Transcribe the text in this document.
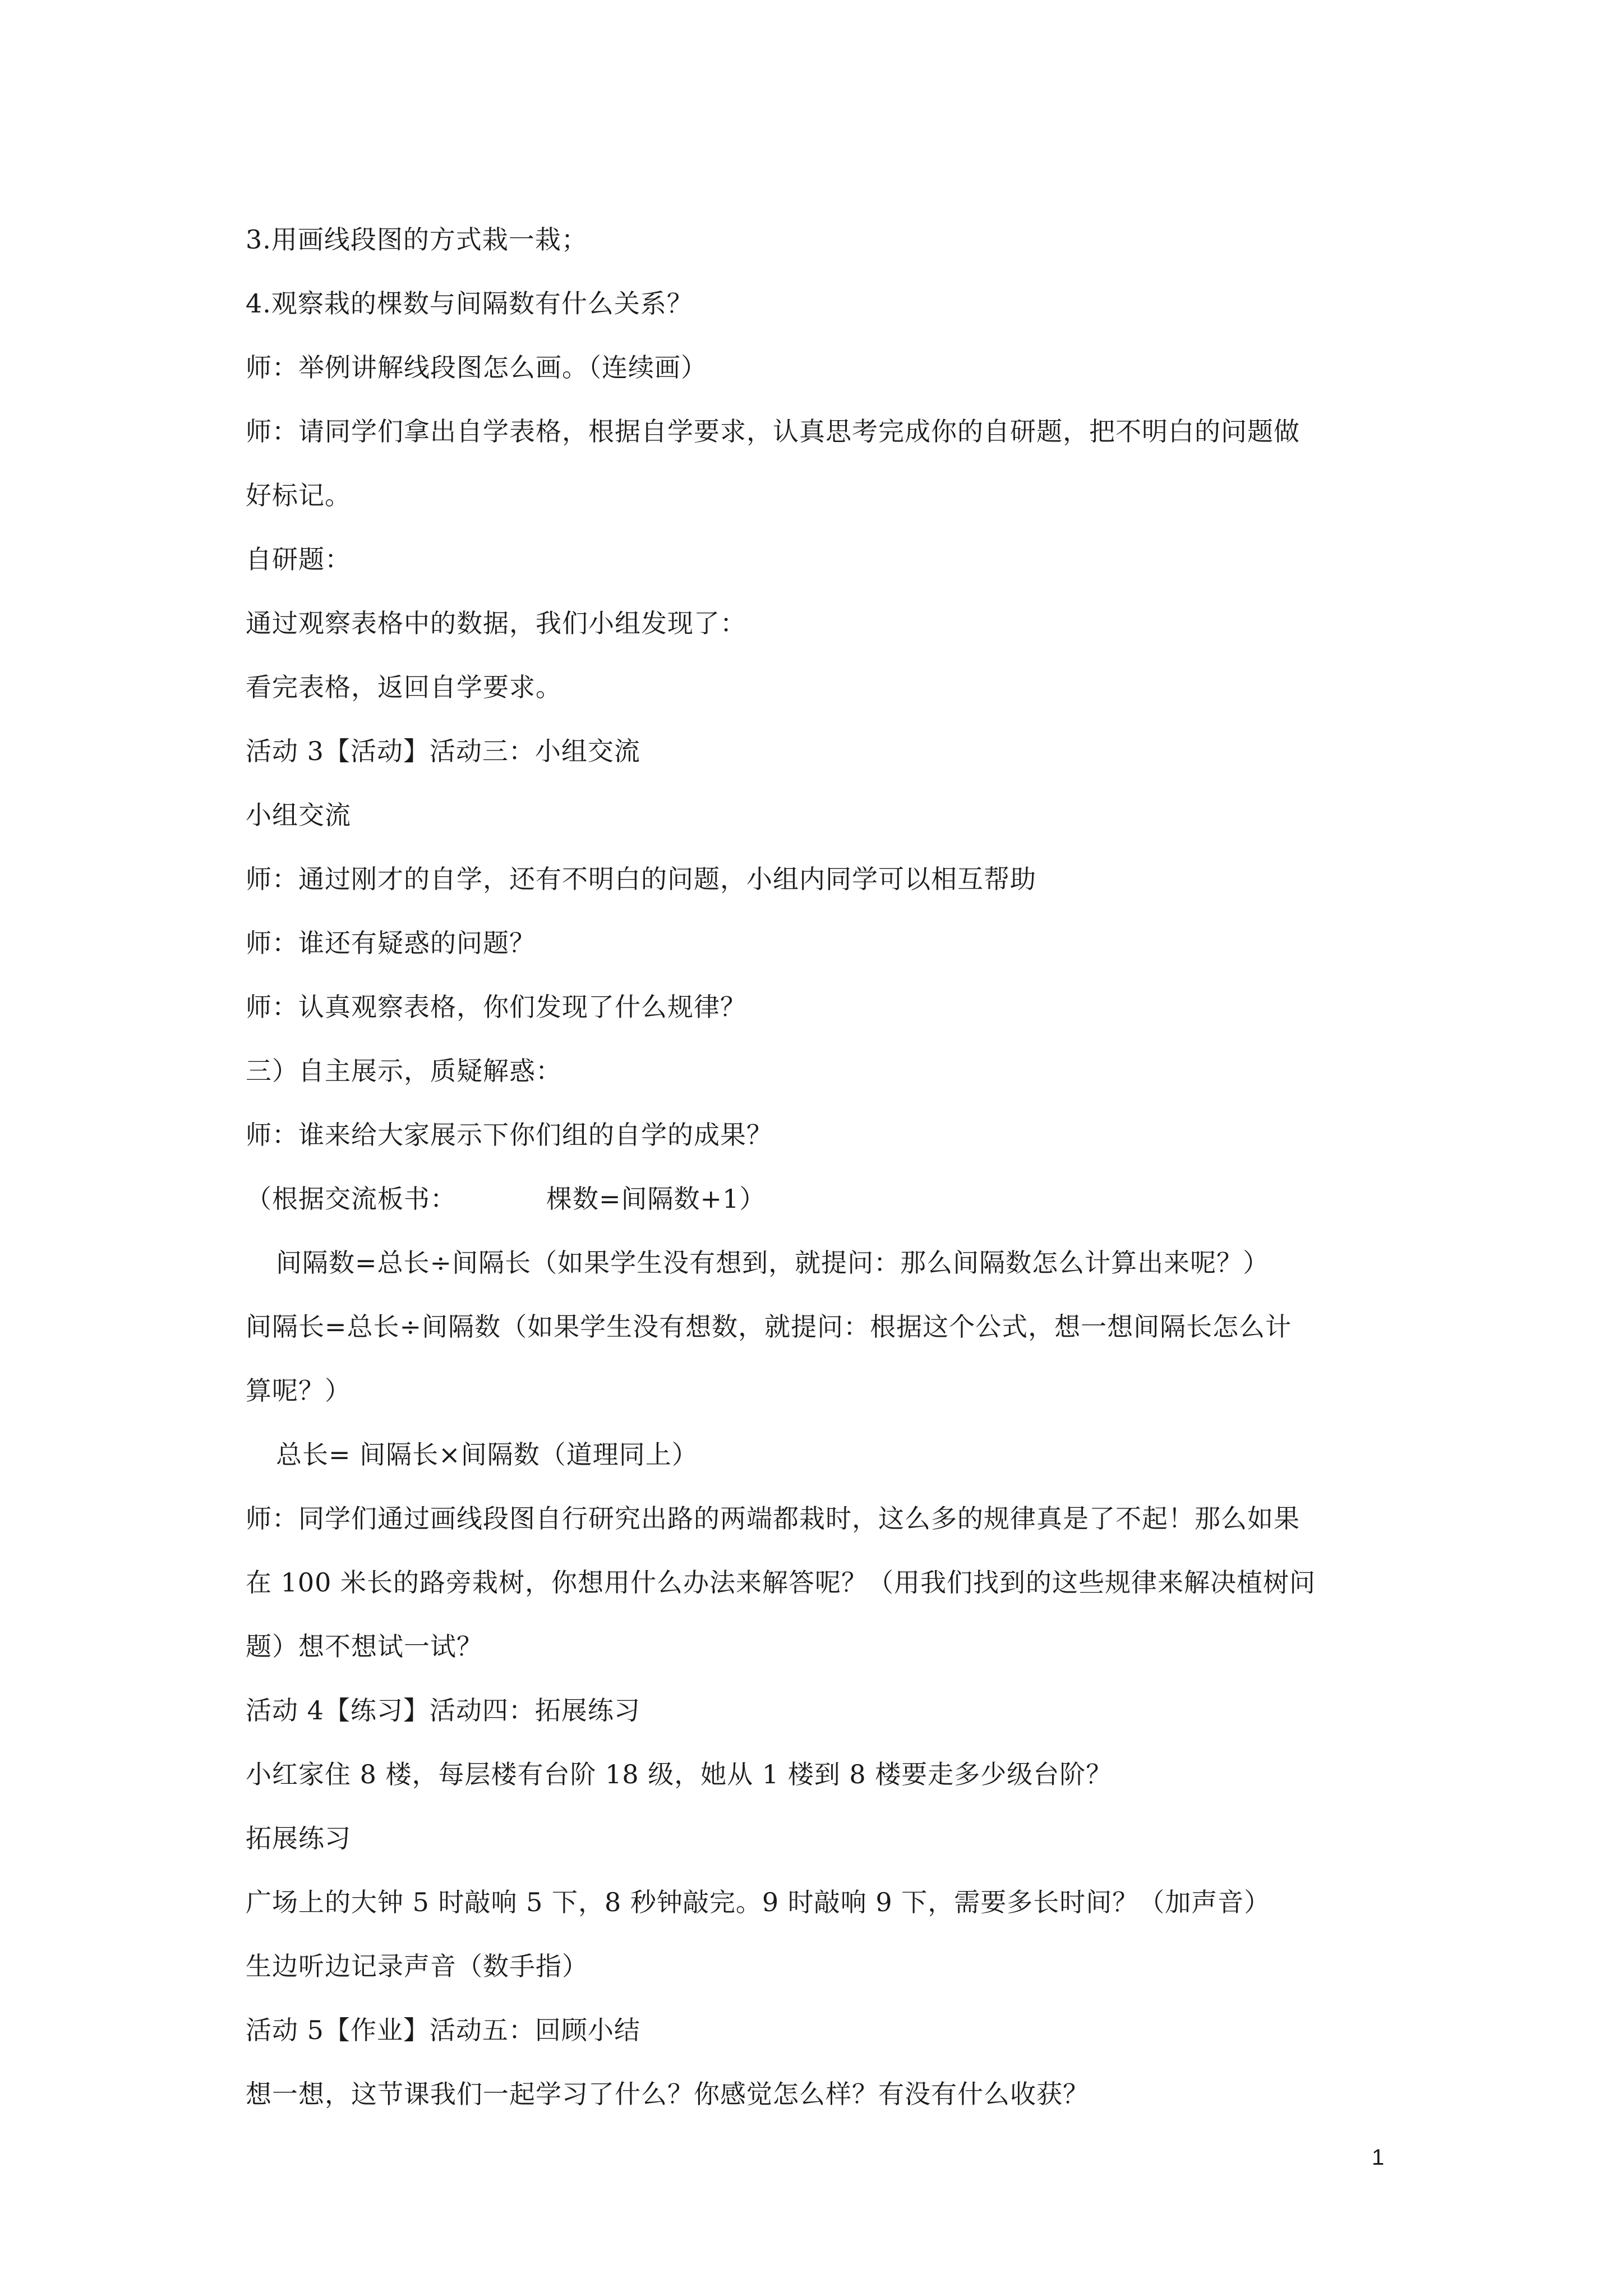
3.用画线段图的方式栽一栽；
4.观察栽的棵数与间隔数有什么关系？
师：举例讲解线段图怎么画。（连续画）
师：请同学们拿出自学表格，根据自学要求，认真思考完成你的自研题，把不明白的问题做
好标记。
自研题：
通过观察表格中的数据，我们小组发现了：
看完表格，返回自学要求。
活动 3【活动】活动三：小组交流
小组交流
师：通过刚才的自学，还有不明白的问题，小组内同学可以相互帮助
师：谁还有疑惑的问题？
师：认真观察表格，你们发现了什么规律？
三）自主展示，质疑解惑：
师：谁来给大家展示下你们组的自学的成果？
（根据交流板书：	棵数=间隔数+1）
间隔数=总长÷间隔长（如果学生没有想到，就提问：那么间隔数怎么计算出来呢？）
间隔长=总长÷间隔数（如果学生没有想数，就提问：根据这个公式，想一想间隔长怎么计
算呢？）
总长= 间隔长×间隔数（道理同上）
师：同学们通过画线段图自行研究出路的两端都栽时，这么多的规律真是了不起！那么如果
在 100 米长的路旁栽树，你想用什么办法来解答呢？（用我们找到的这些规律来解决植树问
题）想不想试一试？
活动 4【练习】活动四：拓展练习
小红家住 8 楼，每层楼有台阶 18 级，她从 1 楼到 8 楼要走多少级台阶？
拓展练习
广场上的大钟 5 时敲响 5 下，8 秒钟敲完。9 时敲响 9 下，需要多长时间？（加声音）
生边听边记录声音（数手指）
活动 5【作业】活动五：回顾小结
想一想，这节课我们一起学习了什么？你感觉怎么样？有没有什么收获？
1
